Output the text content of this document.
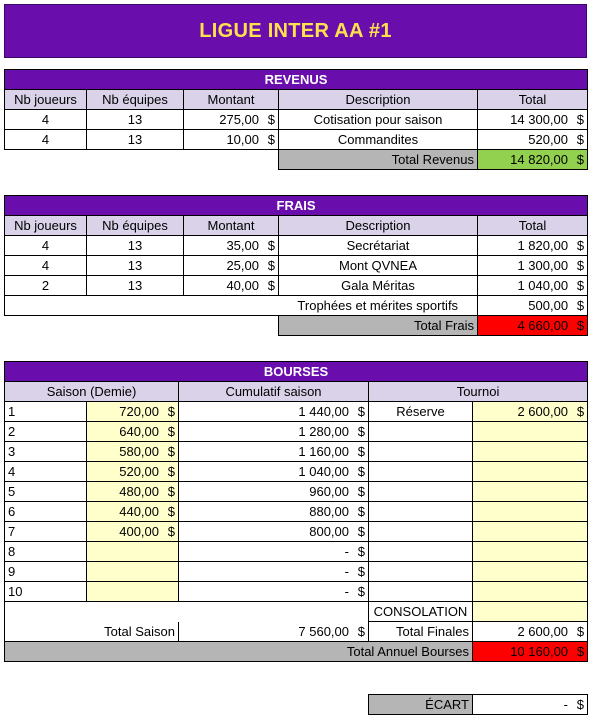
LIGUE INTER AA #1
REVENUS				
Nb joueurs	Nb équipes	Montant	Description	Total
4	13	275,00 $	Cotisation pour saison	14 300,00 $

4	13	10,00 $	Commandites	520,00 $

			Total Revenus	14 820,00 $
FRAIS				
Nb joueurs	Nb équipes	Montant	Description	Total
4	13	35,00 $	Secrétariat	1 820,00 $

4	13	25,00 $	Mont QVNEA	1 300,00 $

2	13	40,00 $	Gala Méritas	1 040,00 $

			Trophées et mérites sportifs	500,00 $

			Total Frais	4 660,00 $
BOURSES				
Saison (Demie)		Cumulatif saison	Tournoi	
1	720,00 $	1 440,00 $	Réserve	2 600,00 $

2	640,00 $	1 280,00 $		

3	580,00 $	1 160,00 $		

4	520,00 $	1 040,00 $		

5	480,00 $	960,00 $		

6	440,00 $	880,00 $		

7	400,00 $	800,00 $		

8		- $		

9		- $		

10		- $		

			CONSOLATION	
Total Saison		7 560,00 $	Total Finales	2 600,00 $

Total Annuel Bourses				10 160,00 $
ÉCART	- $
